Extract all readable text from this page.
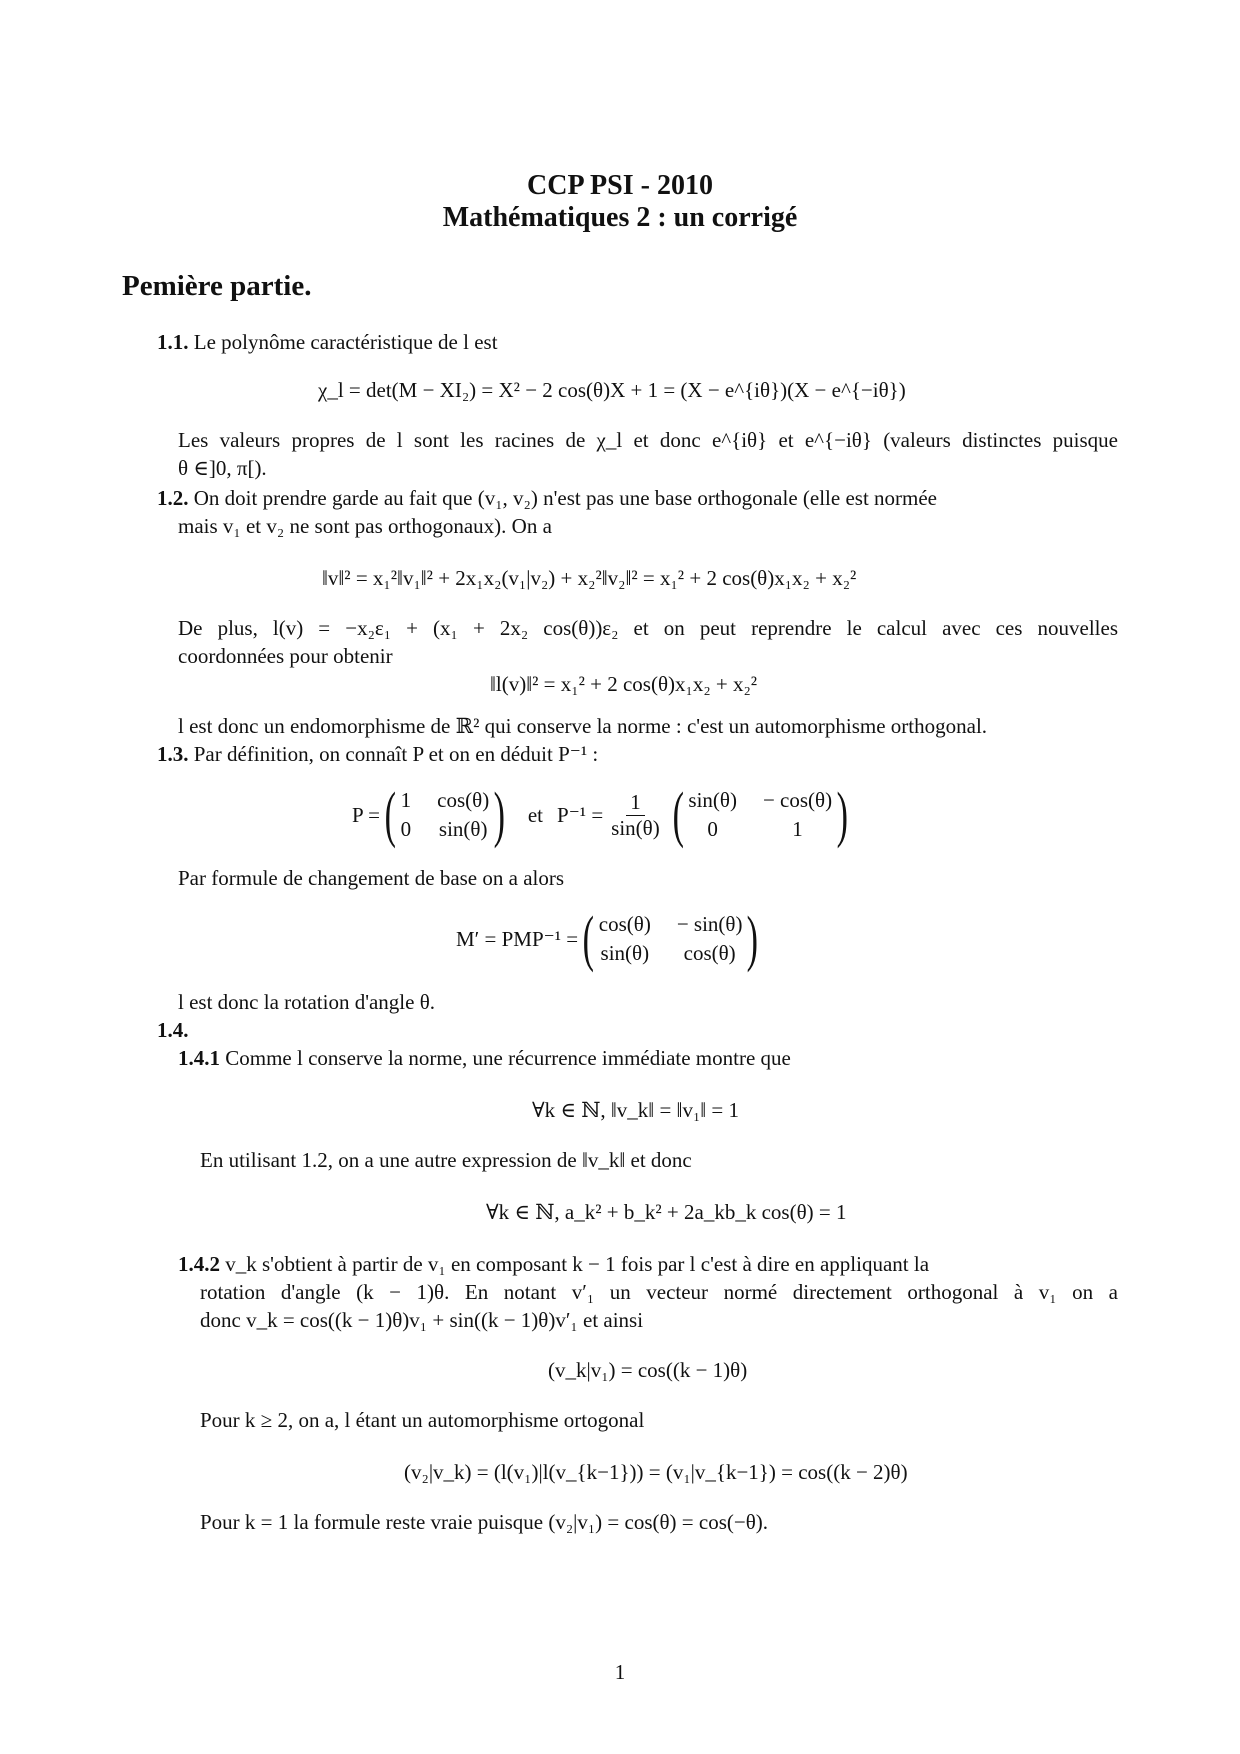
CCP PSI - 2010
Mathématiques 2 : un corrigé
Pemière partie.
1.1. Le polynôme caractéristique de l est
χ_l = det(M − XI₂) = X² − 2 cos(θ)X + 1 = (X − e^{iθ})(X − e^{−iθ})
Les valeurs propres de l sont les racines de χ_l et donc e^{iθ} et e^{−iθ} (valeurs distinctes puisque
θ ∈]0, π[).
1.2. On doit prendre garde au fait que (v₁, v₂) n'est pas une base orthogonale (elle est normée
mais v₁ et v₂ ne sont pas orthogonaux). On a
‖v‖² = x₁²‖v₁‖² + 2x₁x₂(v₁|v₂) + x₂²‖v₂‖² = x₁² + 2 cos(θ)x₁x₂ + x₂²
De plus, l(v) = −x₂ε₁ + (x₁ + 2x₂ cos(θ))ε₂ et on peut reprendre le calcul avec ces nouvelles
coordonnées pour obtenir
‖l(v)‖² = x₁² + 2 cos(θ)x₁x₂ + x₂²
l est donc un endomorphisme de ℝ² qui conserve la norme : c'est un automorphisme orthogonal.
1.3. Par définition, on connaît P et on en déduit P⁻¹ :
P = ( 1 cos(θ)
0 sin(θ) ) et $P^{-1} = \frac{1}{\sin(\theta)}$ ( sin(θ) − cos(θ)
0	1 )
Par formule de changement de base on a alors
M′ = PMP⁻¹ = ( cos(θ) − sin(θ)
sin(θ)	cos(θ) )
l est donc la rotation d'angle θ.
1.4.
1.4.1 Comme l conserve la norme, une récurrence immédiate montre que
∀k ∈ ℕ, ‖v_k‖ = ‖v₁‖ = 1
En utilisant 1.2, on a une autre expression de ‖v_k‖ et donc
∀k ∈ ℕ, a_k² + b_k² + 2a_kb_k cos(θ) = 1
1.4.2 v_k s'obtient à partir de v₁ en composant k − 1 fois par l c'est à dire en appliquant la
rotation d'angle (k − 1)θ. En notant v′₁ un vecteur normé directement orthogonal à v₁ on a
donc v_k = cos((k − 1)θ)v₁ + sin((k − 1)θ)v′₁ et ainsi
(v_k|v₁) = cos((k − 1)θ)
Pour k ≥ 2, on a, l étant un automorphisme ortogonal
(v₂|v_k) = (l(v₁)|l(v_{k−1})) = (v₁|v_{k−1}) = cos((k − 2)θ)
Pour k = 1 la formule reste vraie puisque (v₂|v₁) = cos(θ) = cos(−θ).
1
